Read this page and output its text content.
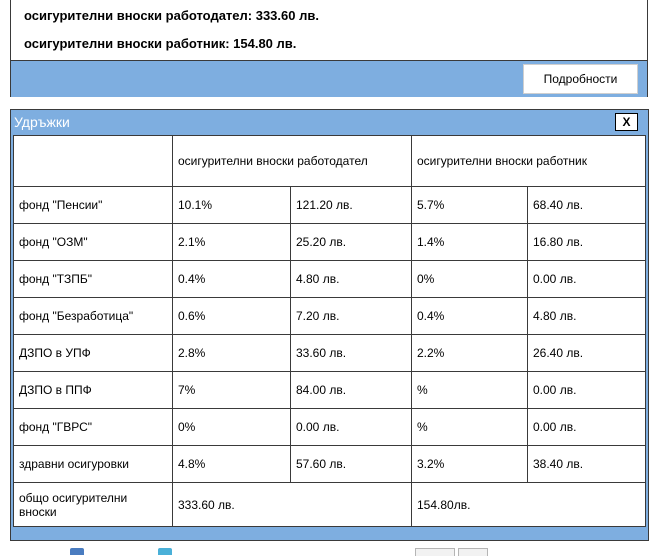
осигурителни вноски работодател: 333.60 лв.
осигурителни вноски работник: 154.80 лв.
Подробности
Удръжки	X
	осигурителни вноски работодател		осигурителни вноски работник	
фонд "Пенсии"	10.1%	121.20 лв.	5.7%	68.40 лв.
фонд "ОЗМ"	2.1%	25.20 лв.	1.4%	16.80 лв.
фонд "ТЗПБ"	0.4%	4.80 лв.	0%	0.00 лв.
фонд "Безработица"	0.6%	7.20 лв.	0.4%	4.80 лв.
ДЗПО в УПФ	2.8%	33.60 лв.	2.2%	26.40 лв.
ДЗПО в ППФ	7%	84.00 лв.	%	0.00 лв.
фонд "ГВРС"	0%	0.00 лв.	%	0.00 лв.
здравни осигуровки	4.8%	57.60 лв.	3.2%	38.40 лв.
общо осигурителни вноски	333.60 лв.		154.80лв.	
